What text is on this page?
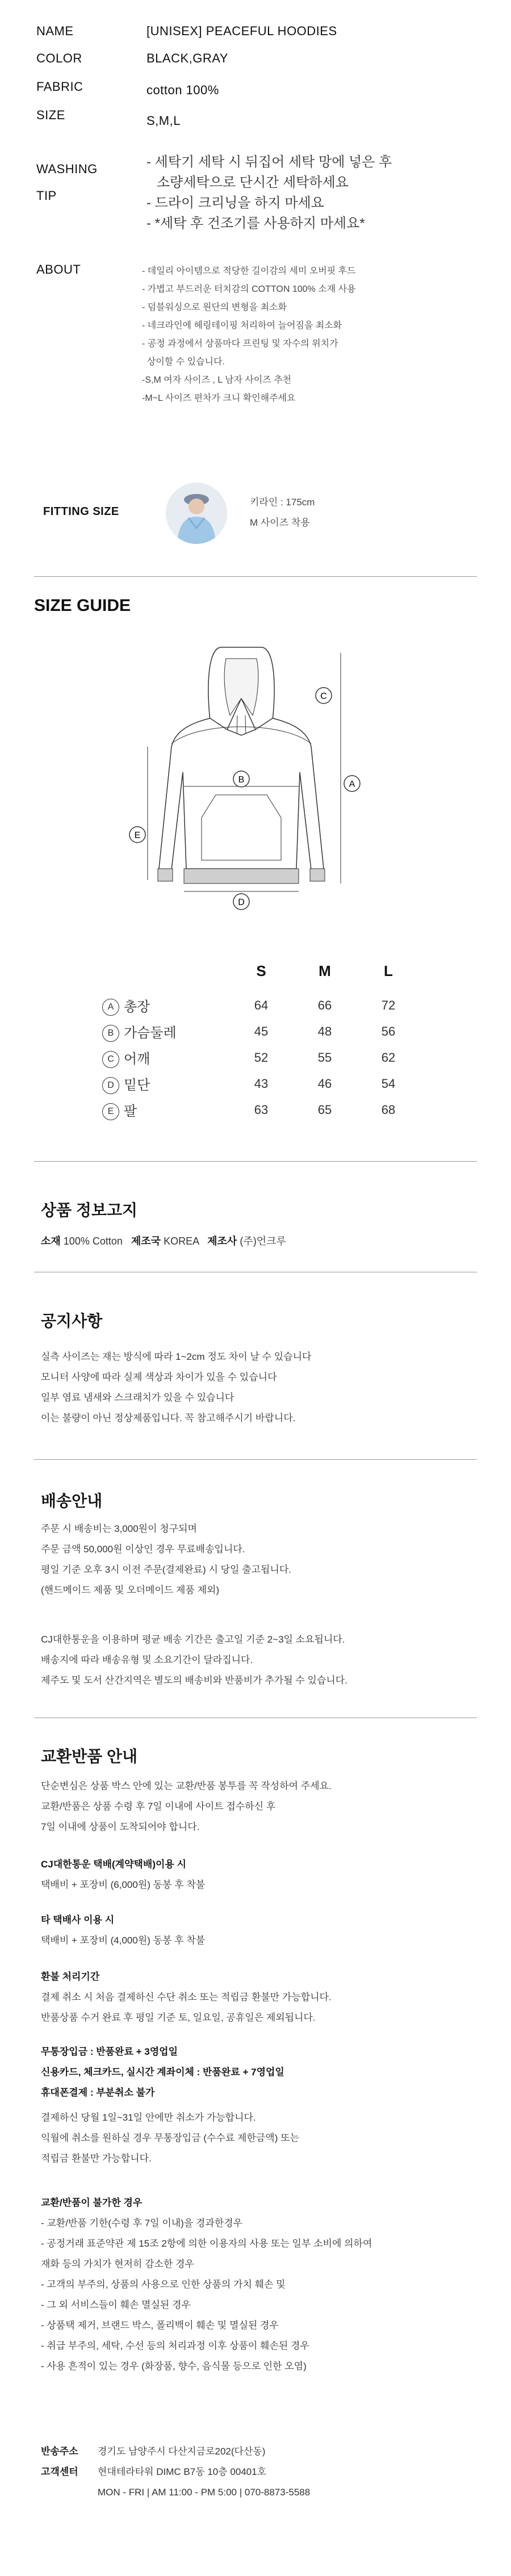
NAME	[UNISEX] PEACEFUL HOODIES
COLOR	BLACK,GRAY
FABRIC	cotton 100%
SIZE	S,M,L
WASHING
TIP
- 세탁기 세탁 시 뒤집어 세탁 망에 넣은 후
소량세탁으로 단시간 세탁하세요
- 드라이 크리닝을 하지 마세요
- *세탁 후 건조기를 사용하지 마세요*
ABOUT	- 데일리 아이템으로 적당한 길이감의 세미 오버핏 후드
- 가볍고 부드러운 터치감의 COTTON 100% 소재 사용
- 덤블워싱으로 원단의 변형을 최소화
- 네크라인에 헤링테이핑 처리하여 늘어짐을 최소화
- 공정 과정에서 상품마다 프린팅 및 자수의 위치가
상이할 수 있습니다.
-S,M 여자 사이즈 , L 남자 사이즈 추천
-M~L 사이즈 편차가 크니 확인해주세요
FITTING SIZE
키라인 : 175cm
M 사이즈 착용
SIZE GUIDE
A
B
C
D
E
S	M	L
A 총장	64	66	72
B 가슴둘레	45	48	56
C 어깨	52	55	62
D 밑단	43	46	54
E 팔	63	65	68
상품 정보고지
소재 100% Cotton 제조국 KOREA 제조사 (주)언크루
공지사항
실측 사이즈는 재는 방식에 따라 1~2cm 정도 차이 날 수 있습니다
모니터 사양에 따라 실제 색상과 차이가 있을 수 있습니다
일부 염료 냄새와 스크래치가 있을 수 있습니다
이는 불량이 아닌 정상제품입니다. 꼭 참고해주시기 바랍니다.
배송안내
주문 시 배송비는 3,000원이 청구되며
주문 금액 50,000원 이상인 경우 무료배송입니다.
평일 기준 오후 3시 이전 주문(결제완료) 시 당일 출고됩니다.
(핸드메이드 제품 및 오더메이드 제품 제외)
CJ대한통운을 이용하며 평균 배송 기간은 출고일 기준 2~3일 소요됩니다.
배송지에 따라 배송유형 및 소요기간이 달라집니다.
제주도 및 도서 산간지역은 별도의 배송비와 반품비가 추가될 수 있습니다.
교환반품 안내
단순변심은 상품 박스 안에 있는 교환/반품 봉투를 꼭 작성하여 주세요.
교환/반품은 상품 수령 후 7일 이내에 사이트 접수하신 후
7일 이내에 상품이 도착되어야 합니다.
CJ대한통운 택배(계약택배)이용 시
택배비 + 포장비 (6,000원) 동봉 후 착불
타 택배사 이용 시
택배비 + 포장비 (4,000원) 동봉 후 착불
환불 처리기간
결제 취소 시 처음 결제하신 수단 취소 또는 적립금 환불만 가능합니다.
반품상품 수거 완료 후 평일 기준 토, 일요일, 공휴일은 제외됩니다.
무통장입금 : 반품완료 + 3영업일
신용카드, 체크카드, 실시간 계좌이체 : 반품완료 + 7영업일
휴대폰결제 : 부분취소 불가
결제하신 당월 1일~31일 안에만 취소가 가능합니다.
익월에 취소를 원하실 경우 무통장입금 (수수료 제한금액) 또는
적립금 환불만 가능합니다.
교환/반품이 불가한 경우
- 교환/반품 기한(수령 후 7일 이내)을 경과한경우
- 공정거래 표준약관 제 15조 2항에 의한 이용자의 사용 또는 일부 소비에 의하여
재화 등의 가치가 현저히 감소한 경우
- 고객의 부주의, 상품의 사용으로 인한 상품의 가치 훼손 및
- 그 외 서비스들이 훼손 멸실된 경우
- 상품택 제거, 브랜드 박스, 폴리백이 훼손 및 멸실된 경우
- 취급 부주의, 세탁, 수선 등의 처리과정 이후 상품이 훼손된 경우
- 사용 흔적이 있는 경우 (화장품, 향수, 음식물 등으로 인한 오염)
반송주소 경기도 남양주시 다산지금로202(다산동)
고객센터 현대테라타워 DIMC B7동 10층 00401호
MON - FRI | AM 11:00 - PM 5:00 | 070-8873-5588
